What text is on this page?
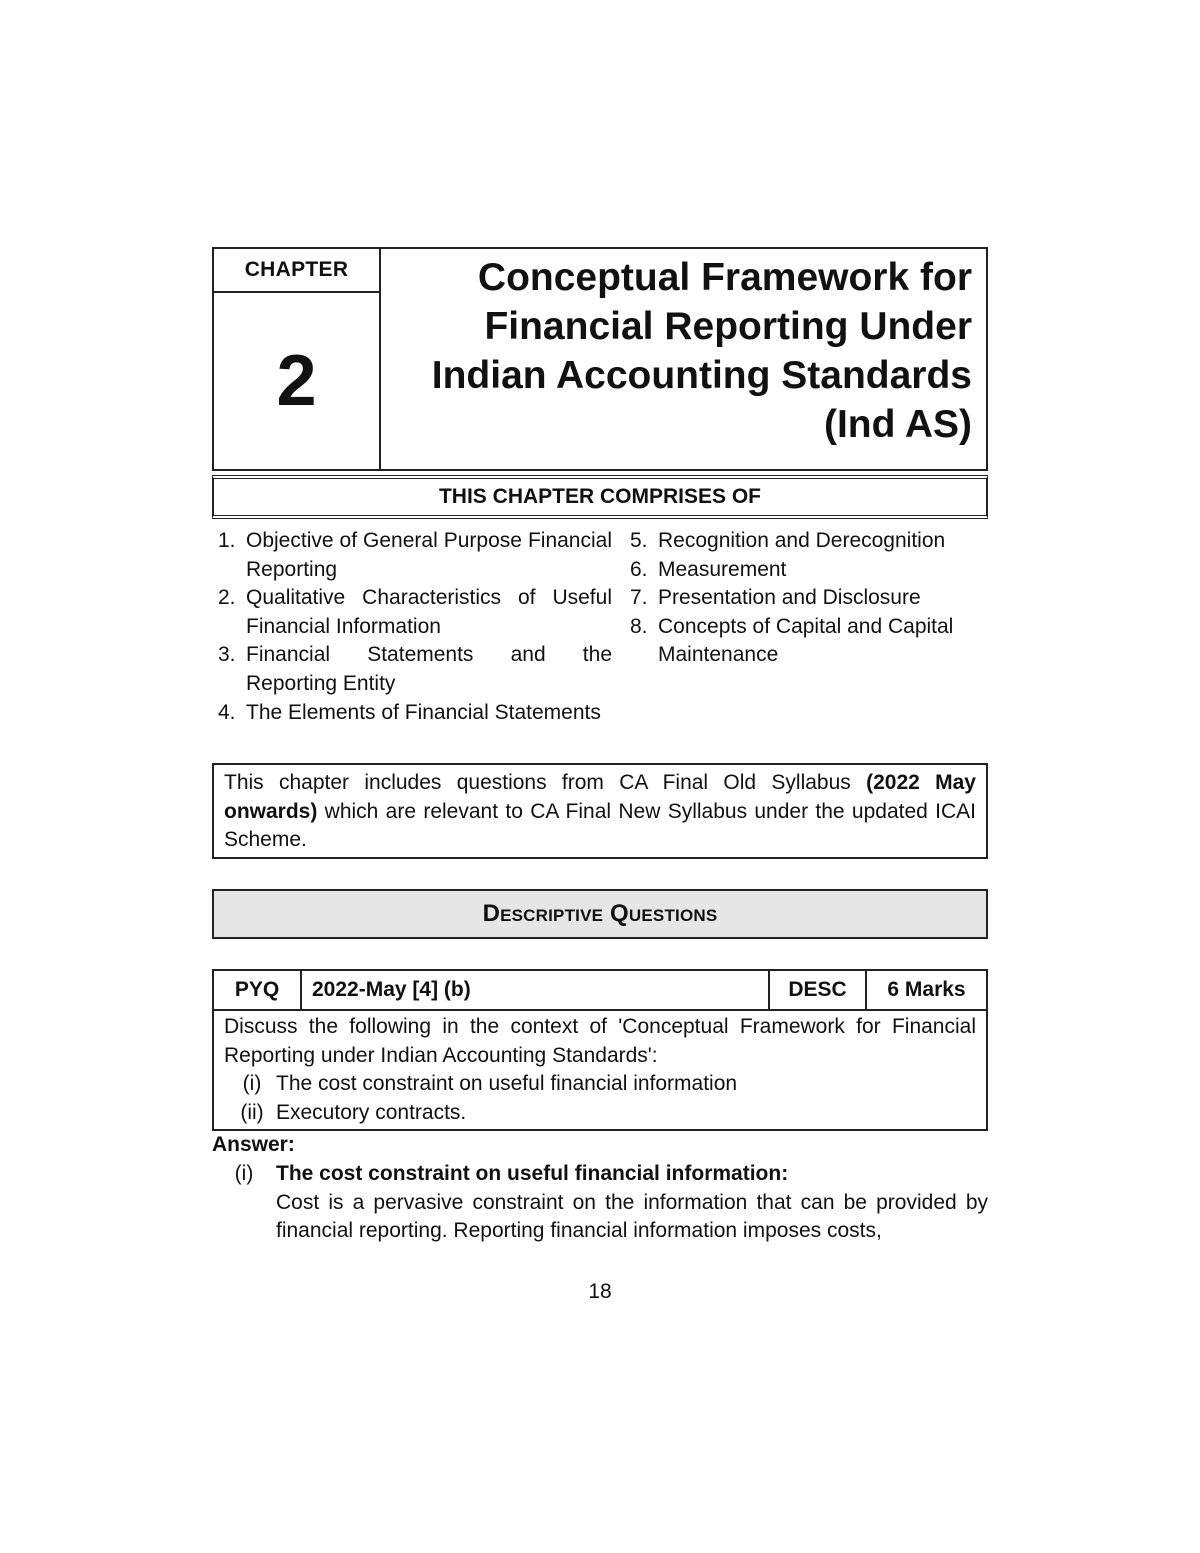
CHAPTER
2
Conceptual Framework for
Financial Reporting Under
Indian Accounting Standards
(Ind AS)
THIS CHAPTER COMPRISES OF
1. Objective of General Purpose Financial Reporting
2. Qualitative Characteristics of Useful Financial Information
3. Financial Statements and the Reporting Entity
4. The Elements of Financial Statements
5. Recognition and Derecognition
6. Measurement
7. Presentation and Disclosure
8. Concepts of Capital and Capital Maintenance
This chapter includes questions from CA Final Old Syllabus (2022 May onwards) which are relevant to CA Final New Syllabus under the updated ICAI Scheme.
Descriptive Questions
PYQ	2022-May [4] (b)	DESC	6 Marks
Discuss the following in the context of 'Conceptual Framework for Financial Reporting under Indian Accounting Standards':
(i) The cost constraint on useful financial information
(ii) Executory contracts.
Answer:
(i)	The cost constraint on useful financial information:
Cost is a pervasive constraint on the information that can be provided by financial reporting. Reporting financial information imposes costs,
18
